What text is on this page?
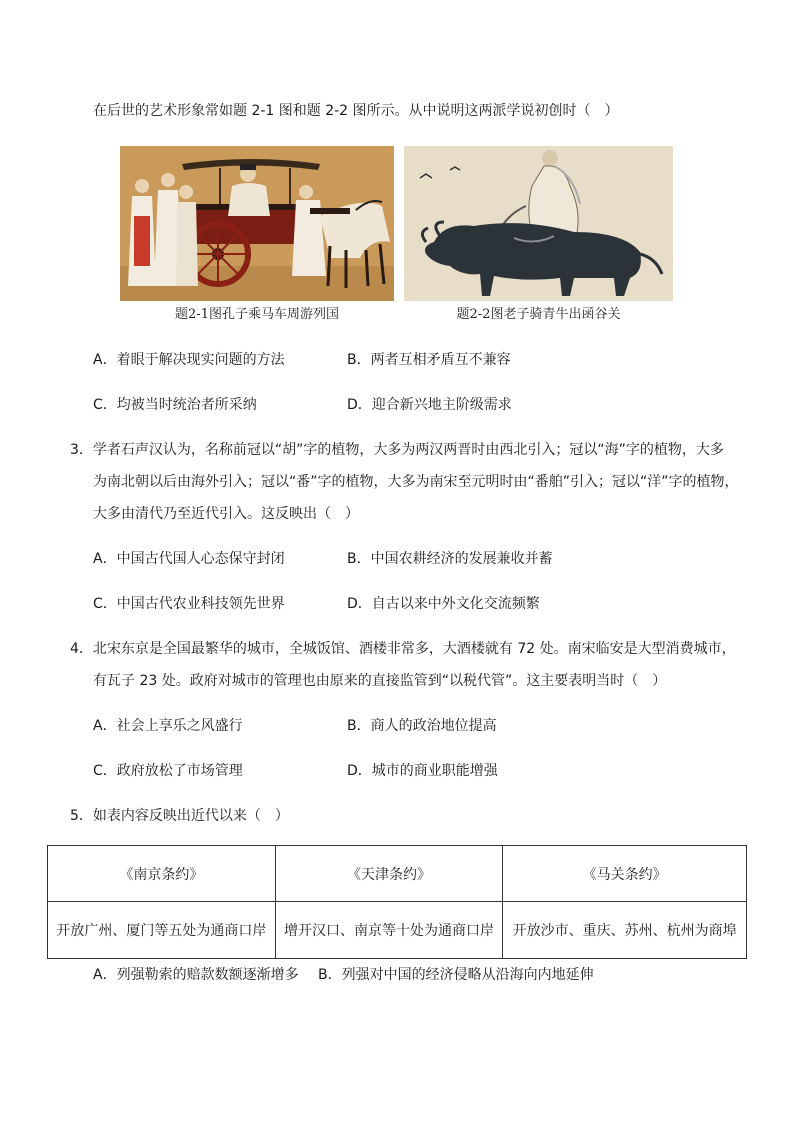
在后世的艺术形象常如题 2-1 图和题 2-2 图所示。从中说明这两派学说初创时（　）
题2-1图孔子乘马车周游列国	题2-2图老子骑青牛出函谷关
A．着眼于解决现实问题的方法	B．两者互相矛盾互不兼容
C．均被当时统治者所采纳	D．迎合新兴地主阶级需求
3．学者石声汉认为，名称前冠以“胡”字的植物，大多为两汉两晋时由西北引入；冠以“海”字的植物，大多
为南北朝以后由海外引入；冠以“番”字的植物，大多为南宋至元明时由“番舶”引入；冠以“洋”字的植物，
大多由清代乃至近代引入。这反映出（　）
A．中国古代国人心态保守封闭	B．中国农耕经济的发展兼收并蓄
C．中国古代农业科技领先世界	D．自古以来中外文化交流频繁
4．北宋东京是全国最繁华的城市，全城饭馆、酒楼非常多，大酒楼就有 72 处。南宋临安是大型消费城市，
有瓦子 23 处。政府对城市的管理也由原来的直接监管到“以税代管”。这主要表明当时（　）
A．社会上享乐之风盛行	B．商人的政治地位提高
C．政府放松了市场管理	D．城市的商业职能增强
5．如表内容反映出近代以来（　）
《南京条约》	《天津条约》	《马关条约》
开放广州、厦门等五处为通商口岸	增开汉口、南京等十处为通商口岸	开放沙市、重庆、苏州、杭州为商埠
A．列强勒索的赔款数额逐渐增多 B．列强对中国的经济侵略从沿海向内地延伸
